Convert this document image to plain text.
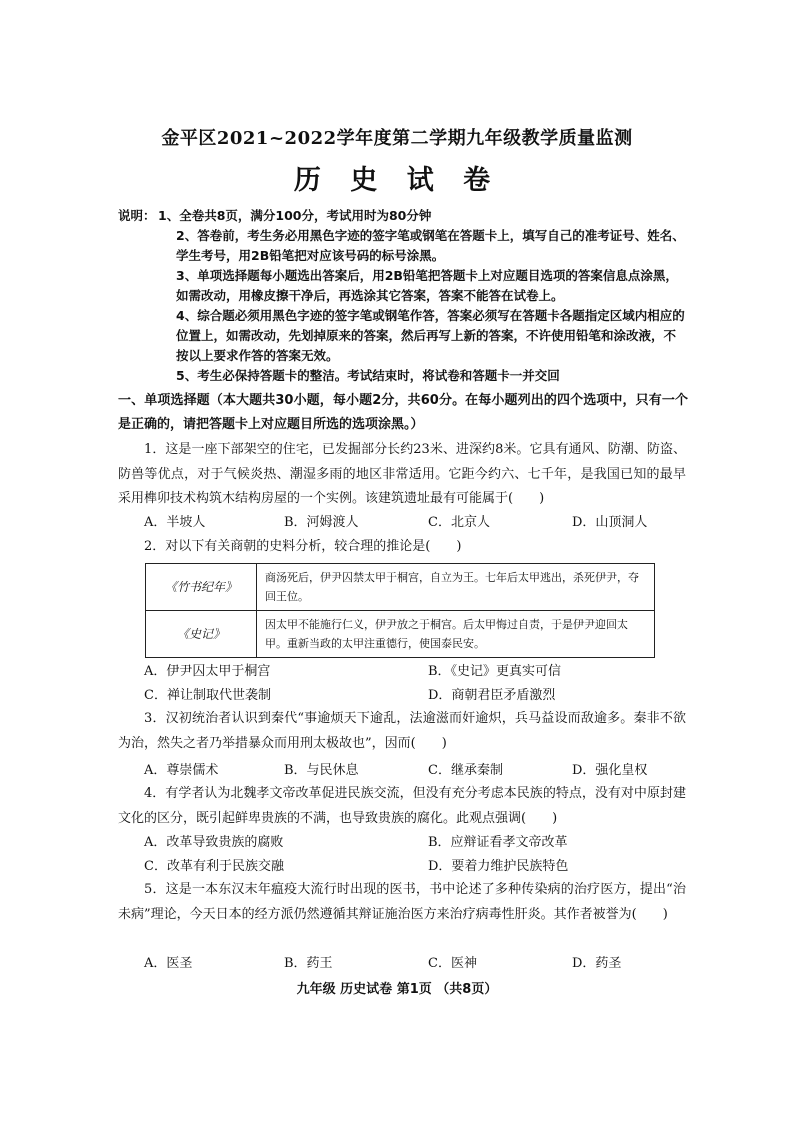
金平区2021~2022学年度第二学期九年级教学质量监测
历 史 试 卷
说明： 1、全卷共8页，满分100分，考试用时为80分钟
2、答卷前，考生务必用黑色字迹的签字笔或钢笔在答题卡上，填写自己的准考证号、姓名、学生考号，用2B铅笔把对应该号码的标号涂黑。
3、单项选择题每小题选出答案后，用2B铅笔把答题卡上对应题目选项的答案信息点涂黑，如需改动，用橡皮擦干净后，再选涂其它答案，答案不能答在试卷上。
4、综合题必须用黑色字迹的签字笔或钢笔作答，答案必须写在答题卡各题指定区域内相应的位置上，如需改动，先划掉原来的答案，然后再写上新的答案，不许使用铅笔和涂改液，不按以上要求作答的答案无效。
5、考生必保持答题卡的整洁。考试结束时，将试卷和答题卡一并交回
一、单项选择题（本大题共30小题，每小题2分，共60分。在每小题列出的四个选项中，只有一个是正确的，请把答题卡上对应题目所选的选项涂黑。）
1．这是一座下部架空的住宅，已发掘部分长约23米、进深约8米。它具有通风、防潮、防盗、防兽等优点，对于气候炎热、潮湿多雨的地区非常适用。它距今约六、七千年，是我国已知的最早采用榫卯技术构筑木结构房屋的一个实例。该建筑遗址最有可能属于(　　)
A．半坡人	B．河姆渡人	C．北京人	D．山顶洞人
2．对以下有关商朝的史料分析，较合理的推论是(　　)
《竹书纪年》	商汤死后，伊尹囚禁太甲于桐宫，自立为王。七年后太甲逃出，杀死伊尹，夺回王位。
《史记》	因太甲不能施行仁义，伊尹放之于桐宫。后太甲悔过自责，于是伊尹迎回太甲。重新当政的太甲注重德行，使国泰民安。
A．伊尹囚太甲于桐宫	B．《史记》更真实可信
C．禅让制取代世袭制	D．商朝君臣矛盾激烈
3．汉初统治者认识到秦代“事逾烦天下逾乱，法逾滋而奸逾炽，兵马益设而敌逾多。秦非不欲为治，然失之者乃举措暴众而用刑太极故也”，因而(　　)
A．尊崇儒术	B．与民休息	C．继承秦制	D．强化皇权
4．有学者认为北魏孝文帝改革促进民族交流，但没有充分考虑本民族的特点，没有对中原封建文化的区分，既引起鲜卑贵族的不满，也导致贵族的腐化。此观点强调(　　)
A．改革导致贵族的腐败	B．应辩证看孝文帝改革
C．改革有利于民族交融	D．要着力维护民族特色
5．这是一本东汉末年瘟疫大流行时出现的医书，书中论述了多种传染病的治疗医方，提出“治未病”理论，今天日本的经方派仍然遵循其辩证施治医方来治疗病毒性肝炎。其作者被誉为(　　)
A．医圣	B．药王	C．医神	D．药圣
九年级 历史试卷 第1页 （共8页）
